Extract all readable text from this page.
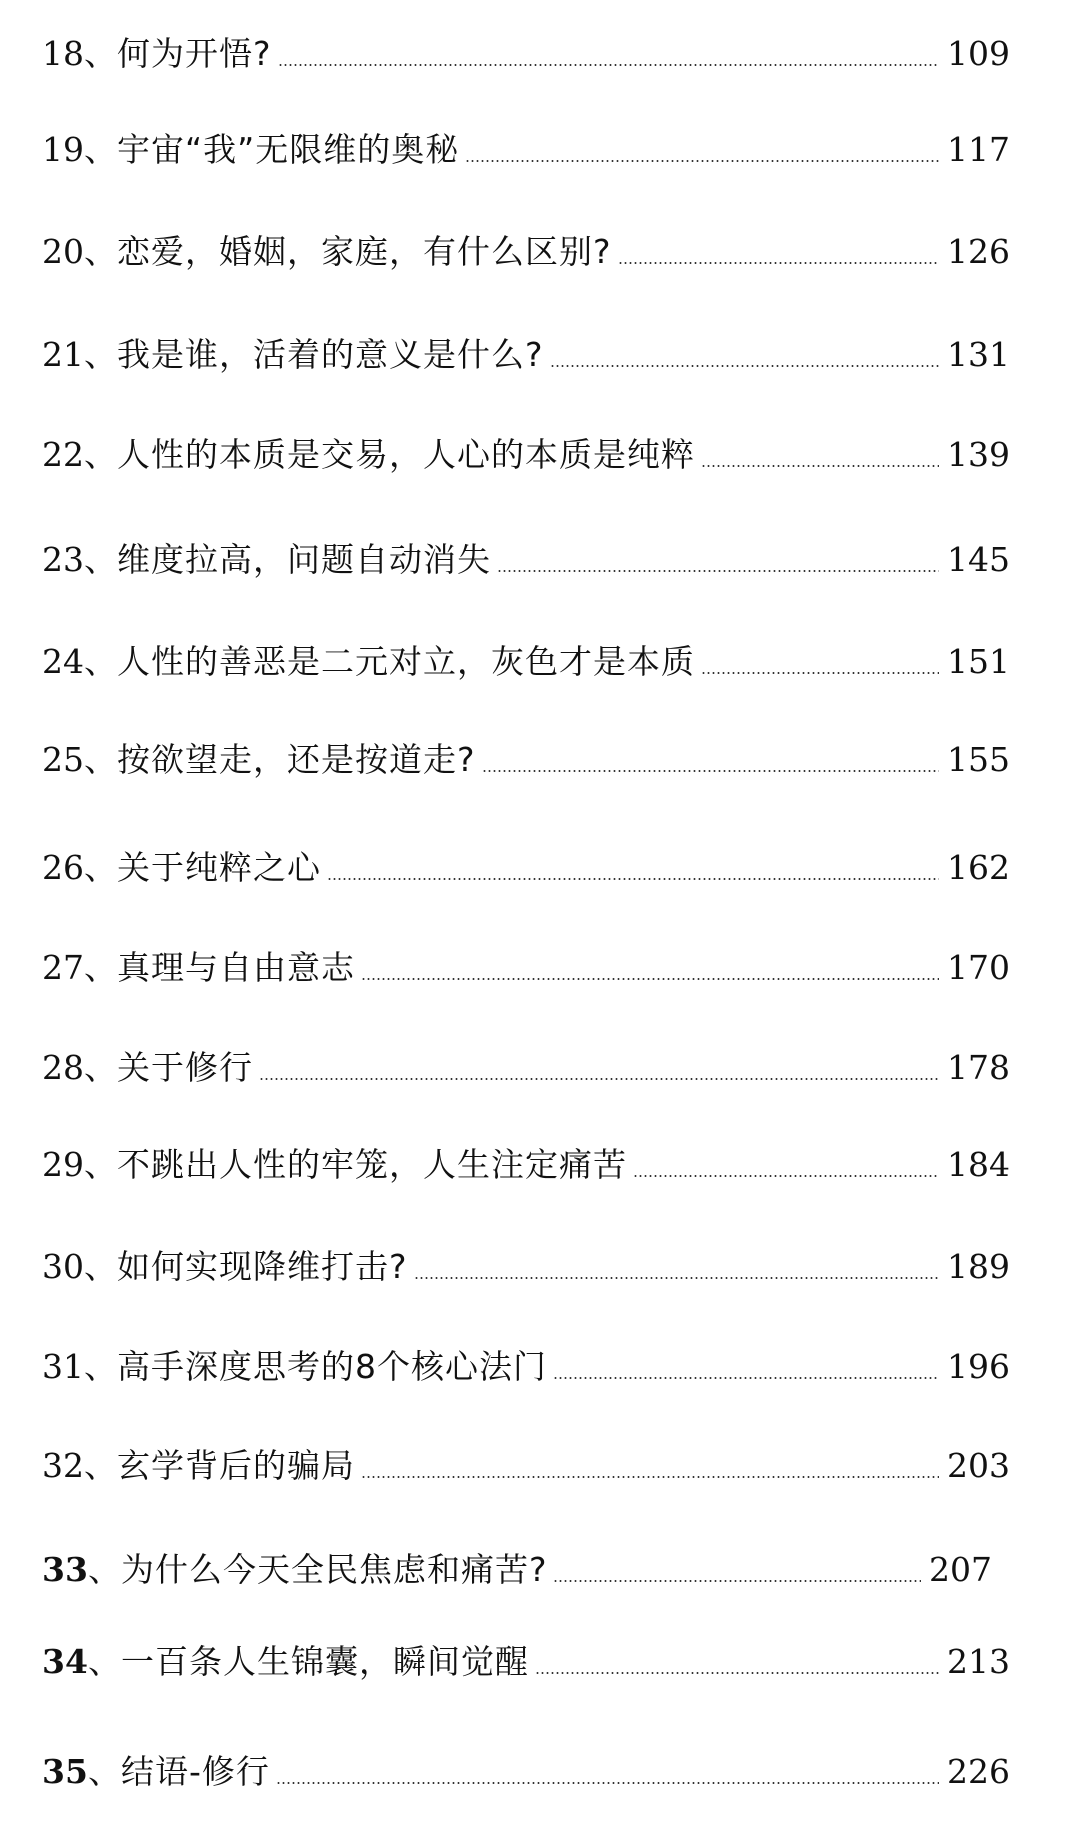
18 、 何为开悟?	109
19 、 宇宙“我”无限维的奥秘	117
20 、 恋爱，婚姻，家庭，有什么区别?	126
21 、 我是谁，活着的意义是什么?	131
22 、 人性的本质是交易，人心的本质是纯粹	139
23 、 维度拉高，问题自动消失	145
24 、 人性的善恶是二元对立，灰色才是本质	151
25 、 按欲望走，还是按道走?	155
26 、 关于纯粹之心	162
27 、 真理与自由意志	170
28 、 关于修行	178
29 、 不跳出人性的牢笼，人生注定痛苦	184
30 、 如何实现降维打击?	189
31 、 高手深度思考的8个核心法门	196
32 、 玄学背后的骗局	203
33 、 为什么今天全民焦虑和痛苦?	207
34 、 一百条人生锦囊，瞬间觉醒	213
35 、 结语-修行	226
